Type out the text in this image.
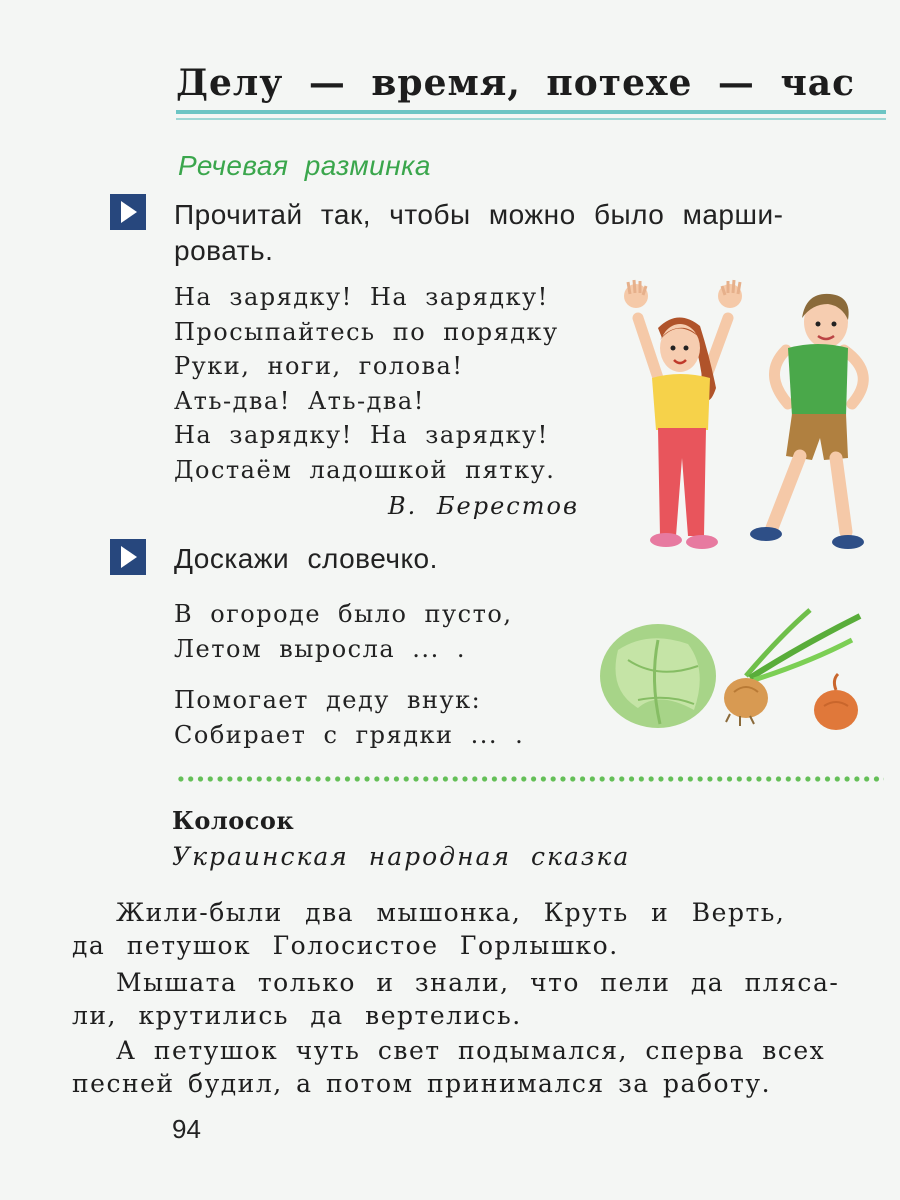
Делу — время, потехе — час
Речевая разминка
Прочитай так, чтобы можно было марши-
ровать.
На зарядку! На зарядку!
Просыпайтесь по порядку
Руки, ноги, голова!
Ать-два! Ать-два!
На зарядку! На зарядку!
Достаём ладошкой пятку.
В. Берестов
Доскажи словечко.
В огороде было пусто,
Летом выросла ... .
Помогает деду внук:
Собирает с грядки ... .
Колосок
Украинская народная сказка
Жили-были два мышонка, Круть и Верть,
да петушок Голосистое Горлышко.
Мышата только и знали, что пели да пляса-
ли, крутились да вертелись.
А петушок чуть свет подымался, сперва всех
песней будил, а потом принимался за работу.
94
